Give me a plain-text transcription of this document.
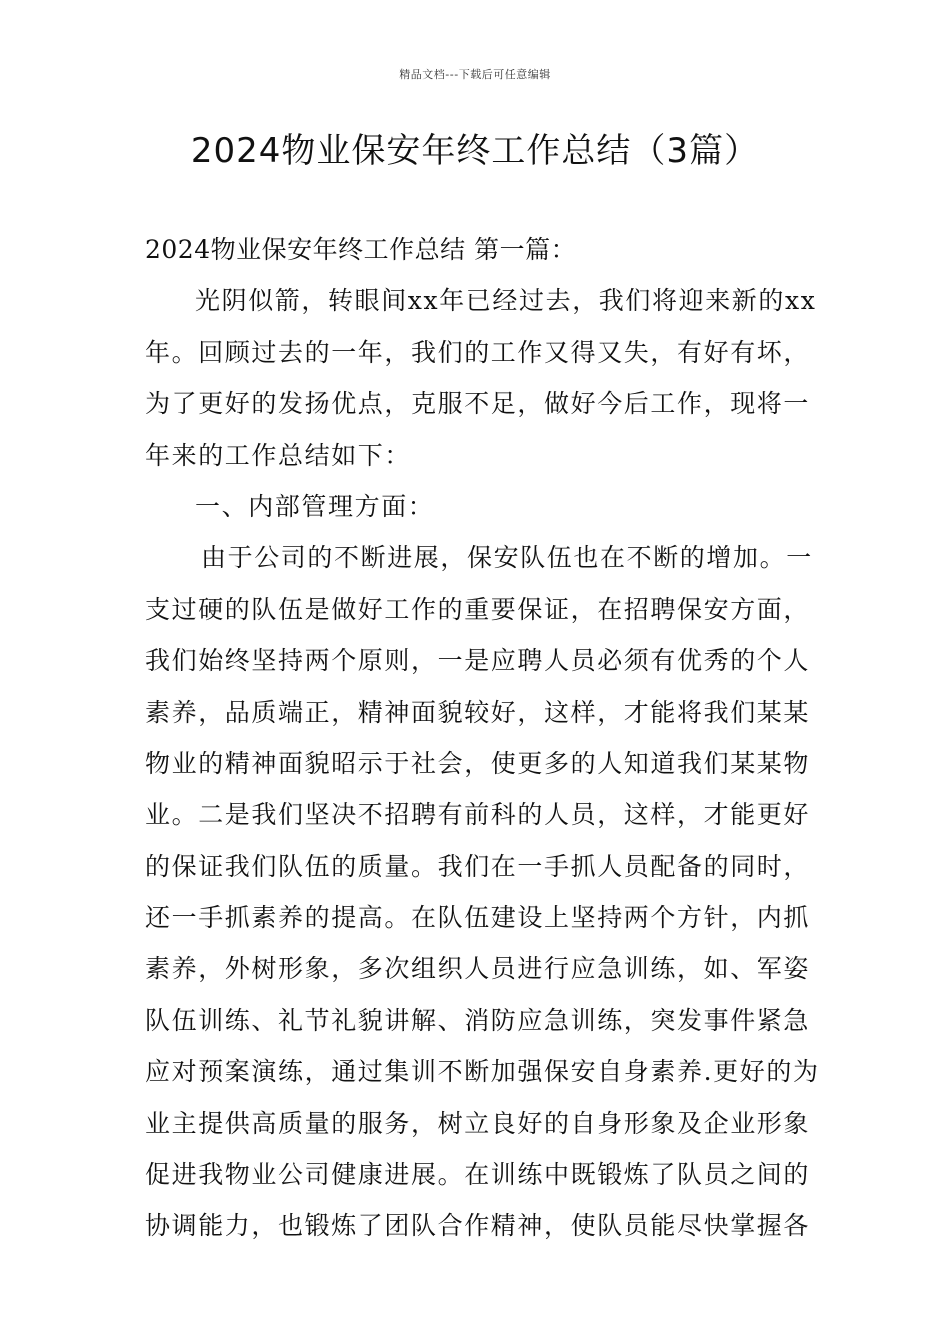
精品文档---下载后可任意编辑
2024物业保安年终工作总结（3篇）
2024物业保安年终工作总结 第一篇：
光阴似箭，转眼间xx年已经过去，我们将迎来新的xx
年。回顾过去的一年，我们的工作又得又失，有好有坏，
为了更好的发扬优点，克服不足，做好今后工作，现将一
年来的工作总结如下：
一、内部管理方面：
由于公司的不断进展，保安队伍也在不断的增加。一
支过硬的队伍是做好工作的重要保证，在招聘保安方面，
我们始终坚持两个原则，一是应聘人员必须有优秀的个人
素养，品质端正，精神面貌较好，这样，才能将我们某某
物业的精神面貌昭示于社会，使更多的人知道我们某某物
业。二是我们坚决不招聘有前科的人员，这样，才能更好
的保证我们队伍的质量。我们在一手抓人员配备的同时，
还一手抓素养的提高。在队伍建设上坚持两个方针，内抓
素养，外树形象，多次组织人员进行应急训练，如、军姿
队伍训练、礼节礼貌讲解、消防应急训练，突发事件紧急
应对预案演练，通过集训不断加强保安自身素养.更好的为
业主提供高质量的服务，树立良好的自身形象及企业形象
促进我物业公司健康进展。在训练中既锻炼了队员之间的
协调能力，也锻炼了团队合作精神，使队员能尽快掌握各
